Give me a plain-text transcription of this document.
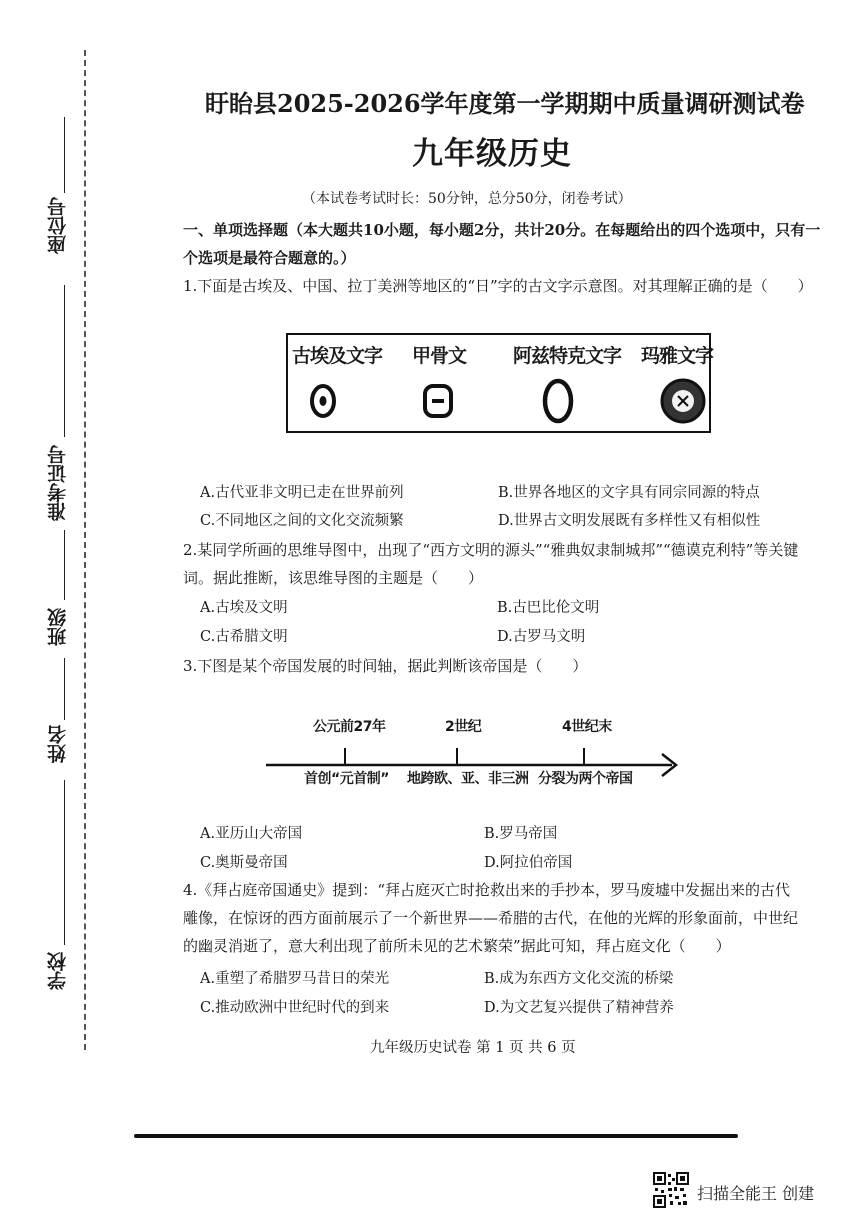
座位号
准考证号
班级
姓名
学校
盱眙县2025-2026学年度第一学期期中质量调研测试卷
九年级历史
（本试卷考试时长：50分钟，总分50分，闭卷考试）
一、单项选择题（本大题共10小题，每小题2分，共计20分。在每题给出的四个选项中，只有一个选项是最符合题意的。）
1.下面是古埃及、中国、拉丁美洲等地区的“日”字的古文字示意图。对其理解正确的是（　　）
古埃及文字 甲骨文 阿兹特克文字 玛雅文字
A.古代亚非文明已走在世界前列	B.世界各地区的文字具有同宗同源的特点
C.不同地区之间的文化交流频繁	D.世界古文明发展既有多样性又有相似性
2.某同学所画的思维导图中，出现了“西方文明的源头”“雅典奴隶制城邦”“德谟克利特”等关键词。据此推断，该思维导图的主题是（　　）
A.古埃及文明	B.古巴比伦文明
C.古希腊文明	D.古罗马文明
3.下图是某个帝国发展的时间轴，据此判断该帝国是（　　）
公元前27年	2世纪	4世纪末
首创“元首制” 地跨欧、亚、非三洲 分裂为两个帝国
A.亚历山大帝国	B.罗马帝国
C.奥斯曼帝国	D.阿拉伯帝国
4.《拜占庭帝国通史》提到：“拜占庭灭亡时抢救出来的手抄本，罗马废墟中发掘出来的古代雕像，在惊讶的西方面前展示了一个新世界——希腊的古代，在他的光辉的形象面前，中世纪的幽灵消逝了，意大利出现了前所未见的艺术繁荣”据此可知，拜占庭文化（　　）
A.重塑了希腊罗马昔日的荣光	B.成为东西方文化交流的桥梁
C.推动欧洲中世纪时代的到来	D.为文艺复兴提供了精神营养
九年级历史试卷 第 1 页 共 6 页
扫描全能王 创建
